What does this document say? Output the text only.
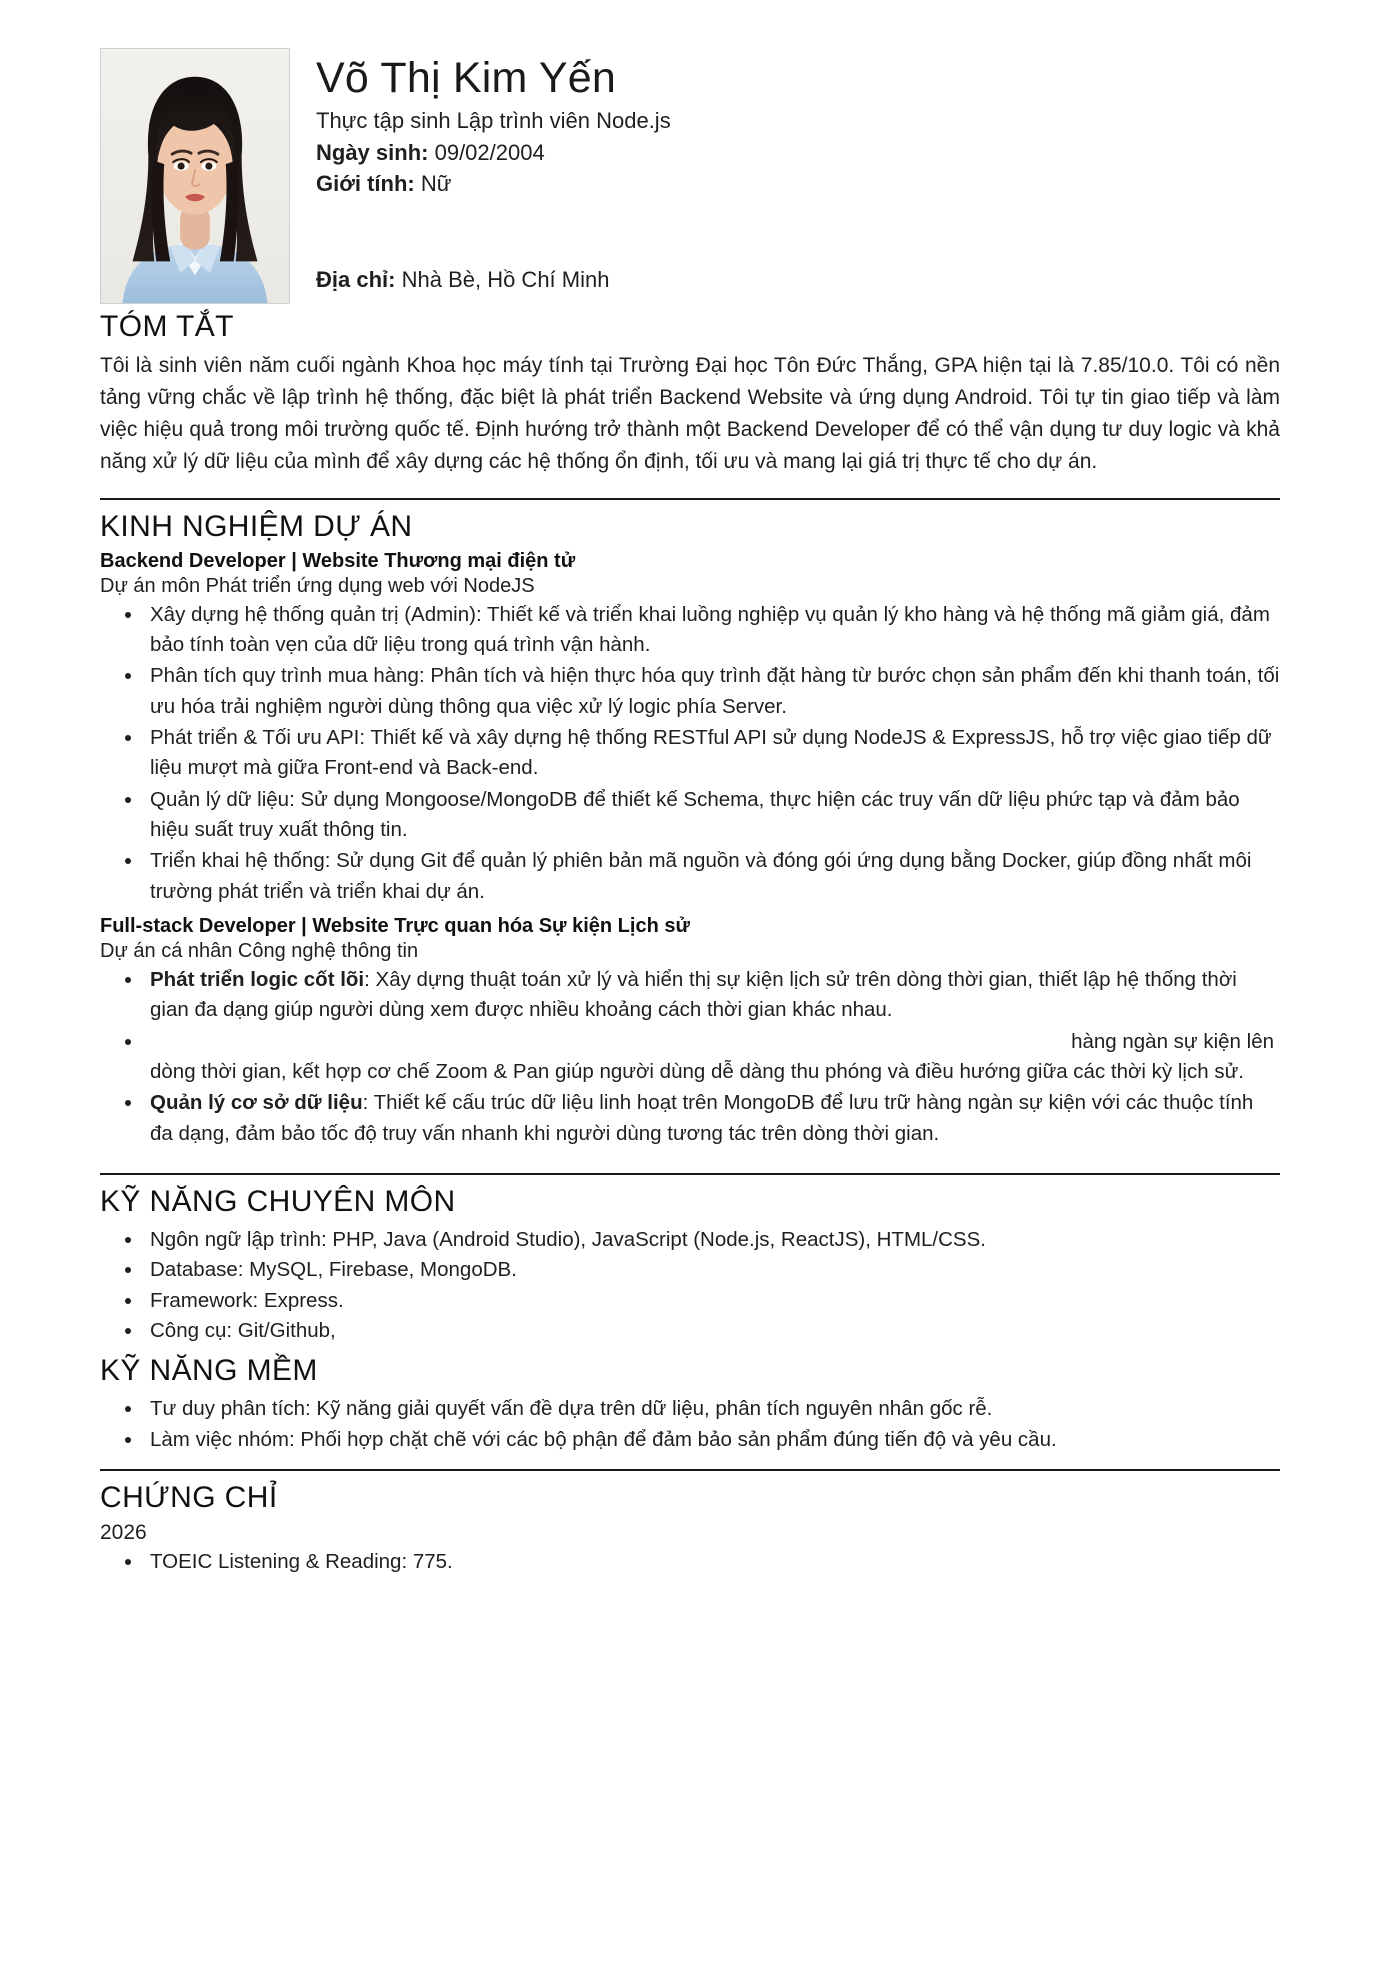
Võ Thị Kim Yến
Thực tập sinh Lập trình viên Node.js
Ngày sinh: 09/02/2004
Giới tính: Nữ
Địa chỉ: Nhà Bè, Hồ Chí Minh
TÓM TẮT

Tôi là sinh viên năm cuối ngành Khoa học máy tính tại Trường Đại học Tôn Đức Thắng, GPA hiện tại là 7.85/10.0. Tôi có nền tảng vững chắc về lập trình hệ thống, đặc biệt là phát triển Backend Website và ứng dụng Android. Tôi tự tin giao tiếp và làm việc hiệu quả trong môi trường quốc tế. Định hướng trở thành một Backend Developer để có thể vận dụng tư duy logic và khả năng xử lý dữ liệu của mình để xây dựng các hệ thống ổn định, tối ưu và mang lại giá trị thực tế cho dự án.

KINH NGHIỆM DỰ ÁN
Backend Developer | Website Thương mại điện tử
Dự án môn Phát triển ứng dụng web với NodeJS
• Xây dựng hệ thống quản trị (Admin): Thiết kế và triển khai luồng nghiệp vụ quản lý kho hàng và hệ thống mã giảm giá, đảm bảo tính toàn vẹn của dữ liệu trong quá trình vận hành.
• Phân tích quy trình mua hàng: Phân tích và hiện thực hóa quy trình đặt hàng từ bước chọn sản phẩm đến khi thanh toán, tối ưu hóa trải nghiệm người dùng thông qua việc xử lý logic phía Server.
• Phát triển & Tối ưu API: Thiết kế và xây dựng hệ thống RESTful API sử dụng NodeJS & ExpressJS, hỗ trợ việc giao tiếp dữ liệu mượt mà giữa Front-end và Back-end.
• Quản lý dữ liệu: Sử dụng Mongoose/MongoDB để thiết kế Schema, thực hiện các truy vấn dữ liệu phức tạp và đảm bảo hiệu suất truy xuất thông tin.
• Triển khai hệ thống: Sử dụng Git để quản lý phiên bản mã nguồn và đóng gói ứng dụng bằng Docker, giúp đồng nhất môi trường phát triển và triển khai dự án.
Full-stack Developer | Website Trực quan hóa Sự kiện Lịch sử
Dự án cá nhân Công nghệ thông tin
• Phát triển logic cốt lõi: Xây dựng thuật toán xử lý và hiển thị sự kiện lịch sử trên dòng thời gian, thiết lập hệ thống thời gian đa dạng giúp người dùng xem được nhiều khoảng cách thời gian khác nhau.
• hàng ngàn sự kiện lên
dòng thời gian, kết hợp cơ chế Zoom & Pan giúp người dùng dễ dàng thu phóng và điều hướng giữa các thời kỳ lịch sử.
• Quản lý cơ sở dữ liệu: Thiết kế cấu trúc dữ liệu linh hoạt trên MongoDB để lưu trữ hàng ngàn sự kiện với các thuộc tính đa dạng, đảm bảo tốc độ truy vấn nhanh khi người dùng tương tác trên dòng thời gian.
KỸ NĂNG CHUYÊN MÔN
• Ngôn ngữ lập trình: PHP, Java (Android Studio), JavaScript (Node.js, ReactJS), HTML/CSS.
• Database: MySQL, Firebase, MongoDB.
• Framework: Express.
• Công cụ: Git/Github,
KỸ NĂNG MỀM
• Tư duy phân tích: Kỹ năng giải quyết vấn đề dựa trên dữ liệu, phân tích nguyên nhân gốc rễ.
• Làm việc nhóm: Phối hợp chặt chẽ với các bộ phận để đảm bảo sản phẩm đúng tiến độ và yêu cầu.
CHỨNG CHỈ
2026
• TOEIC Listening & Reading: 775.
